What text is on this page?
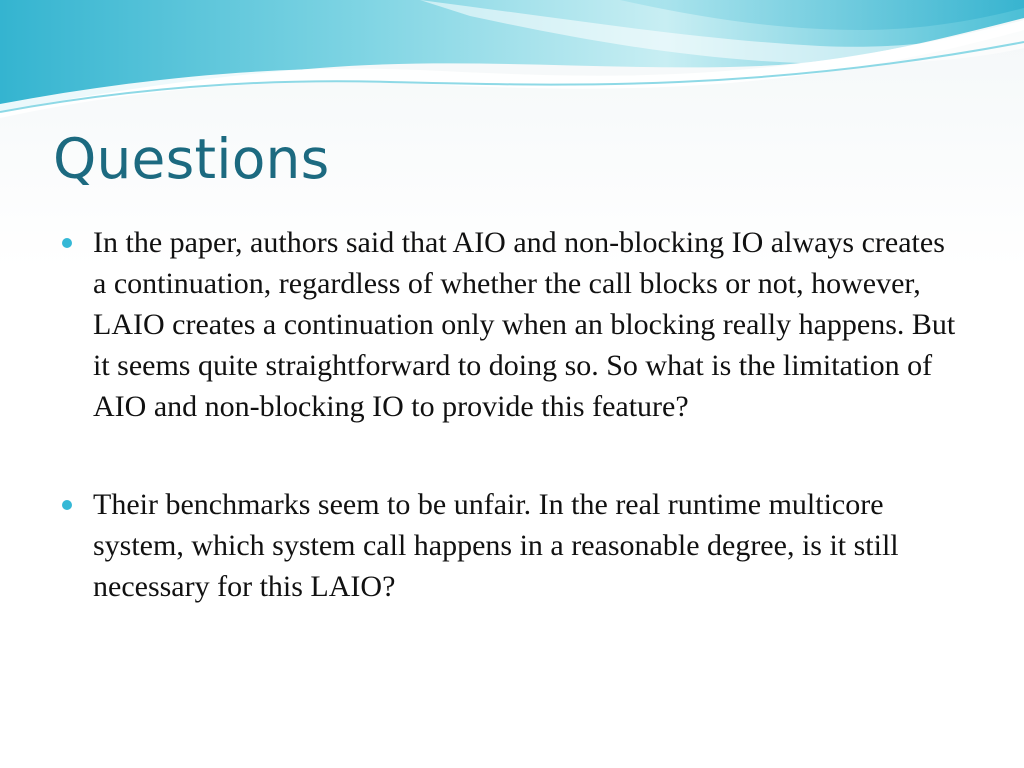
Questions
In the paper, authors said that AIO and non-blocking IO always creates a continuation, regardless of whether the call blocks or not, however, LAIO creates a continuation only when an blocking really happens. But it seems quite straightforward to doing so. So what is the limitation of AIO and non-blocking IO to provide this feature?
Their benchmarks seem to be unfair. In the real runtime multicore system, which system call happens in a reasonable degree, is it still necessary for this LAIO?
